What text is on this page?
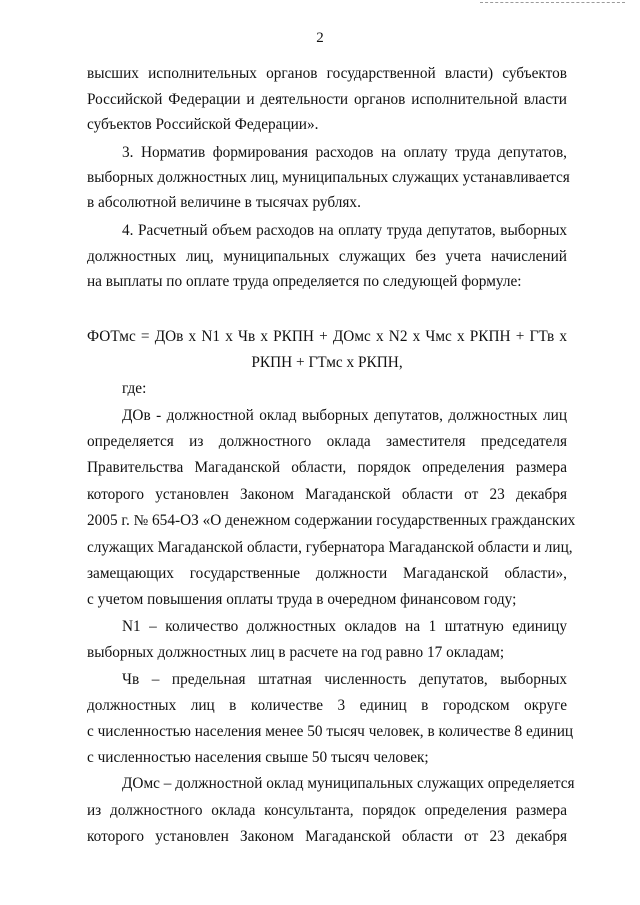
2
высших исполнительных органов государственной власти) субъектов
Российской Федерации и деятельности органов исполнительной власти
субъектов Российской Федерации».
3. Норматив формирования расходов на оплату труда депутатов,
выборных должностных лиц, муниципальных служащих устанавливается
в абсолютной величине в тысячах рублях.
4. Расчетный объем расходов на оплату труда депутатов, выборных
должностных лиц, муниципальных служащих без учета начислений
на выплаты по оплате труда определяется по следующей формуле:
ФОТмс = ДОв x N1 x Чв x РКПН + ДОмс x N2 x Чмс x РКПН + ГТв x
РКПН + ГТмс x РКПН,
где:
ДОв - должностной оклад выборных депутатов, должностных лиц
определяется из должностного оклада заместителя председателя
Правительства Магаданской области, порядок определения размера
которого установлен Законом Магаданской области от 23 декабря
2005 г. № 654-ОЗ «О денежном содержании государственных гражданских
служащих Магаданской области, губернатора Магаданской области и лиц,
замещающих государственные должности Магаданской области»,
с учетом повышения оплаты труда в очередном финансовом году;
N1 – количество должностных окладов на 1 штатную единицу
выборных должностных лиц в расчете на год равно 17 окладам;
Чв – предельная штатная численность депутатов, выборных
должностных лиц в количестве 3 единиц в городском округе
с численностью населения менее 50 тысяч человек, в количестве 8 единиц
с численностью населения свыше 50 тысяч человек;
ДОмс – должностной оклад муниципальных служащих определяется
из должностного оклада консультанта, порядок определения размера
которого установлен Законом Магаданской области от 23 декабря
